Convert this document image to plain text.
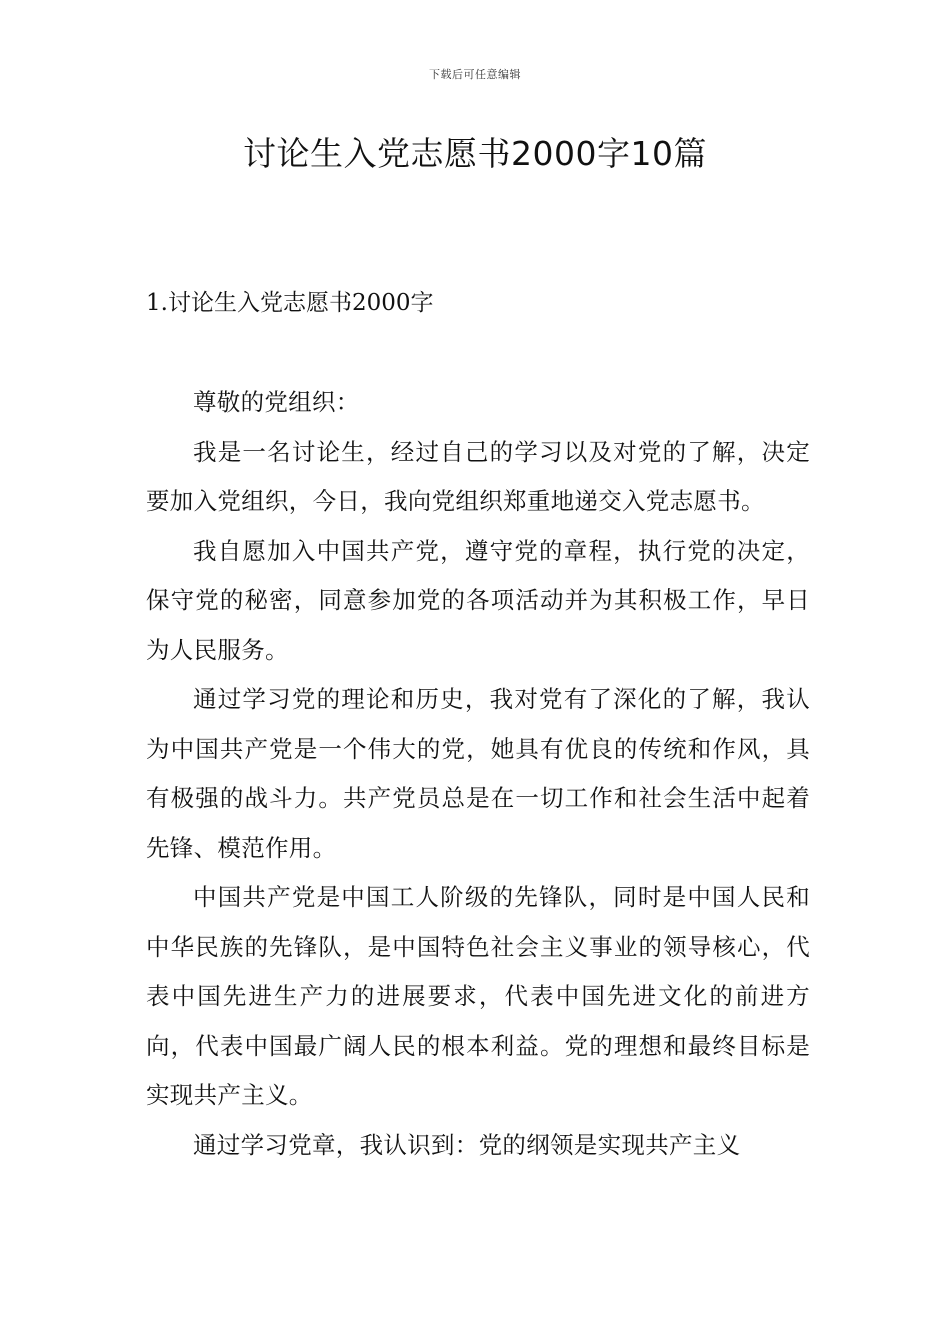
下载后可任意编辑
讨论生入党志愿书2000字10篇
1.讨论生入党志愿书2000字

尊敬的党组织：

我是一名讨论生，经过自己的学习以及对党的了解，决定要加入党组织，今日，我向党组织郑重地递交入党志愿书。

我自愿加入中国共产党，遵守党的章程，执行党的决定，保守党的秘密，同意参加党的各项活动并为其积极工作，早日为人民服务。

通过学习党的理论和历史，我对党有了深化的了解，我认为中国共产党是一个伟大的党，她具有优良的传统和作风，具有极强的战斗力。共产党员总是在一切工作和社会生活中起着先锋、模范作用。

中国共产党是中国工人阶级的先锋队，同时是中国人民和中华民族的先锋队，是中国特色社会主义事业的领导核心，代表中国先进生产力的进展要求，代表中国先进文化的前进方向，代表中国最广阔人民的根本利益。党的理想和最终目标是实现共产主义。

通过学习党章，我认识到：党的纲领是实现共产主义
